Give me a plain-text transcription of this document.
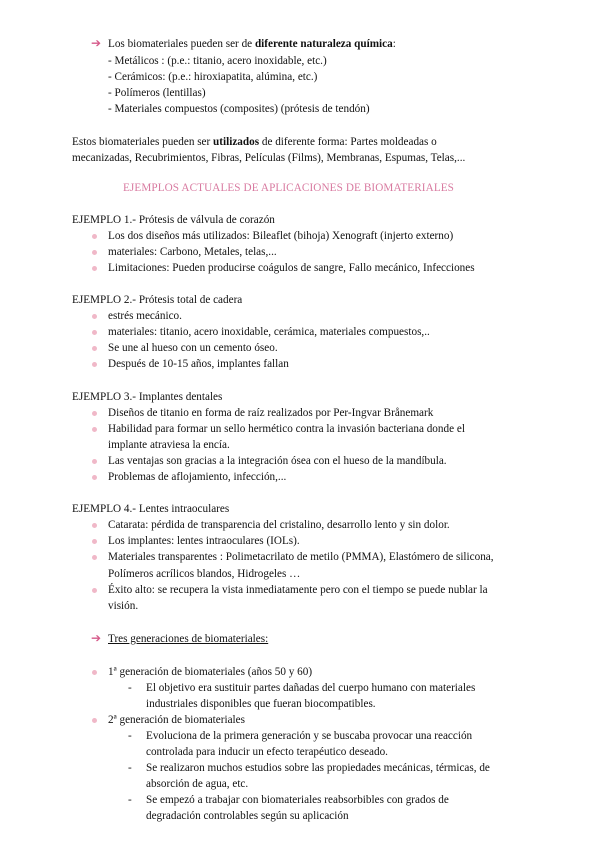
➔ Los biomateriales pueden ser de diferente naturaleza química:
- Metálicos : (p.e.: titanio, acero inoxidable, etc.)
- Cerámicos: (p.e.: hiroxiapatita, alúmina, etc.)
- Polímeros (lentillas)
- Materiales compuestos (composites) (prótesis de tendón)
Estos biomateriales pueden ser utilizados de diferente forma: Partes moldeadas o
mecanizadas, Recubrimientos, Fibras, Películas (Films), Membranas, Espumas, Telas,...
EJEMPLOS ACTUALES DE APLICACIONES DE BIOMATERIALES
EJEMPLO 1.- Prótesis de válvula de corazón
Los dos diseños más utilizados: Bileaflet (bihoja) Xenograft (injerto externo)
materiales: Carbono, Metales, telas,...
Limitaciones: Pueden producirse coágulos de sangre, Fallo mecánico, Infecciones
EJEMPLO 2.- Prótesis total de cadera
estrés mecánico.
materiales: titanio, acero inoxidable, cerámica, materiales compuestos,..
Se une al hueso con un cemento óseo.
Después de 10-15 años, implantes fallan
EJEMPLO 3.- Implantes dentales
Diseños de titanio en forma de raíz realizados por Per-Ingvar Brånemark
Habilidad para formar un sello hermético contra la invasión bacteriana donde el
implante atraviesa la encía.
Las ventajas son gracias a la integración ósea con el hueso de la mandíbula.
Problemas de aflojamiento, infección,...
EJEMPLO 4.- Lentes intraoculares
Catarata: pérdida de transparencia del cristalino, desarrollo lento y sin dolor.
Los implantes: lentes intraoculares (IOLs).
Materiales transparentes : Polimetacrilato de metilo (PMMA), Elastómero de silicona,
Polímeros acrílicos blandos, Hidrogeles …
Éxito alto: se recupera la vista inmediatamente pero con el tiempo se puede nublar la
visión.
➔ Tres generaciones de biomateriales:
1ª generación de biomateriales (años 50 y 60)
- El objetivo era sustituir partes dañadas del cuerpo humano con materiales
industriales disponibles que fueran biocompatibles.
2ª generación de biomateriales
- Evoluciona de la primera generación y se buscaba provocar una reacción
controlada para inducir un efecto terapéutico deseado.
- Se realizaron muchos estudios sobre las propiedades mecánicas, térmicas, de
absorción de agua, etc.
- Se empezó a trabajar con biomateriales reabsorbibles con grados de
degradación controlables según su aplicación
